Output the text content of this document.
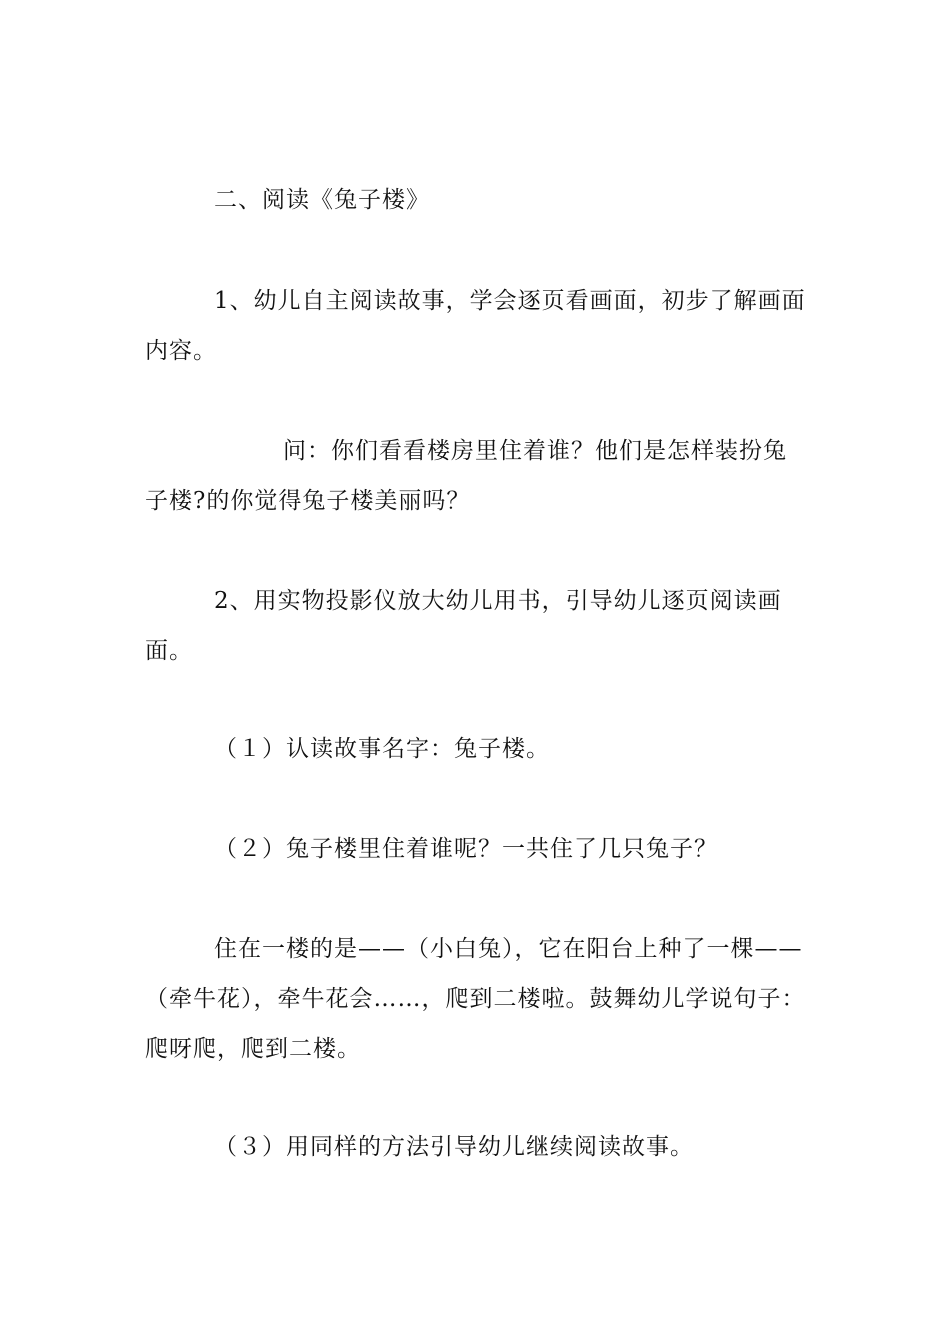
二、阅读《兔子楼》

1、幼儿自主阅读故事，学会逐页看画面，初步了解画面内容。

问：你们看看楼房里住着谁？他们是怎样装扮兔子楼?的你觉得兔子楼美丽吗？

2、用实物投影仪放大幼儿用书，引导幼儿逐页阅读画面。

（１）认读故事名字：兔子楼。

（２）兔子楼里住着谁呢？一共住了几只兔子？

住在一楼的是——（小白兔），它在阳台上种了一棵——（牵牛花），牵牛花会……，爬到二楼啦。鼓舞幼儿学说句子：爬呀爬，爬到二楼。

（３）用同样的方法引导幼儿继续阅读故事。
